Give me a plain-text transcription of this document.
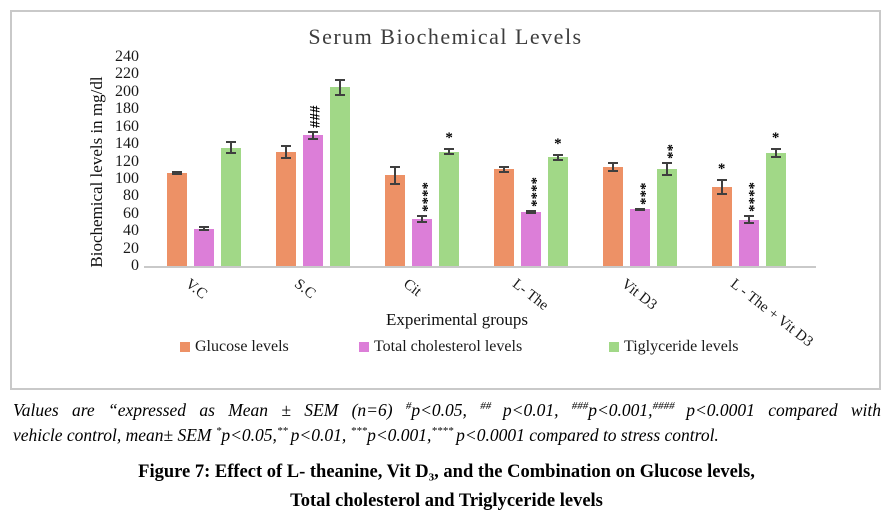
Serum Biochemical Levels
Biochemical levels in mg/dl	0
20
40
60
80
100
120
140
160
180
200
220
240
V.C	S.C	Cit	L- The	Vit D3	L - The + Vit D3
Experimental groups
Glucose levels	Total cholesterol levels	Tiglyceride levels
###
****
*
****
*
***
**
*
****
*
Values are “expressed as Mean ± SEM (n=6) #p<0.05, ## p<0.01, ###p<0.001,#### p<0.0001 compared with
vehicle control, mean± SEM *p<0.05,** p<0.01, ***p<0.001,**** p<0.0001 compared to stress control.
Figure 7: Effect of L- theanine, Vit D₃, and the Combination on Glucose levels,
Total cholesterol and Triglyceride levels
